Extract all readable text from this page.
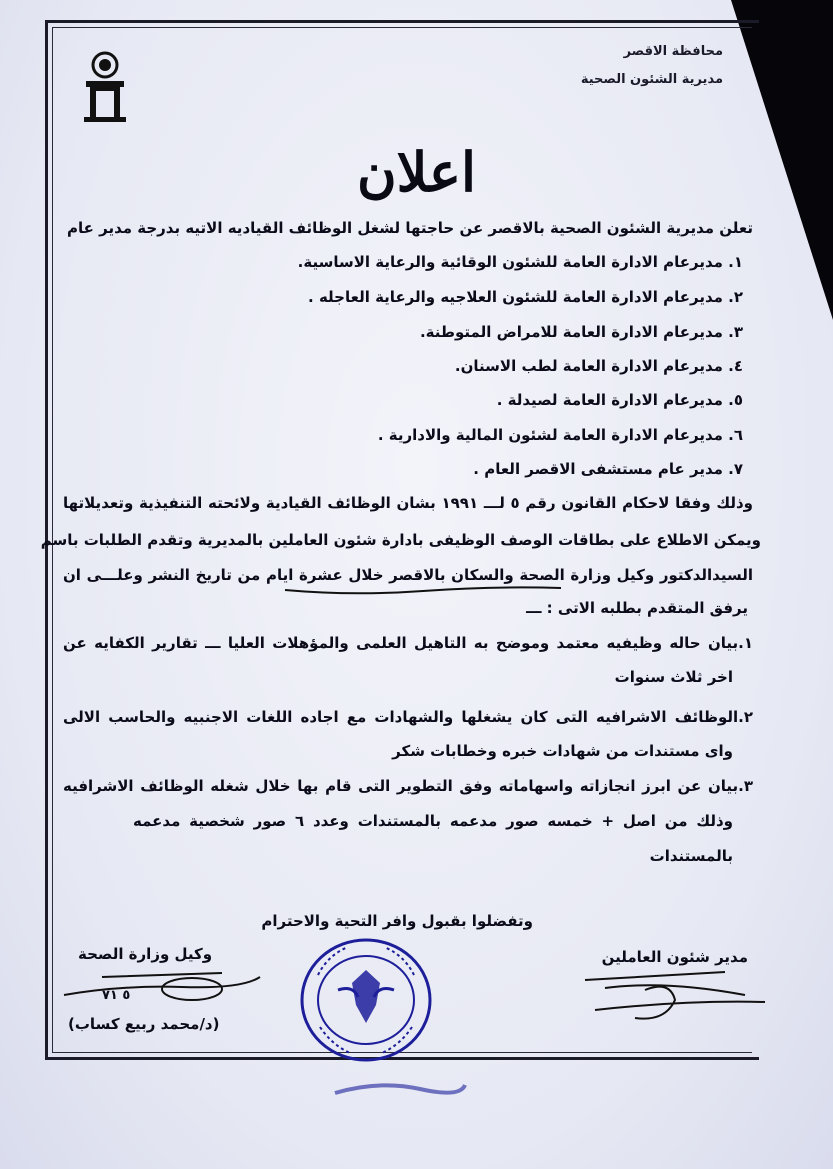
محافظة الاقصر
مديرية الشئون الصحية
اعلان
تعلن مديرية الشئون الصحية بالاقصر عن حاجتها لشغل الوظائف القياديه الاتيه بدرجة مدير عام
١. مديرعام الادارة العامة للشئون الوقائية والرعاية الاساسية.
٢. مديرعام الادارة العامة للشئون العلاجيه والرعاية العاجله .
٣. مديرعام الادارة العامة للامراض المتوطنة.
٤. مديرعام الادارة العامة لطب الاسنان.
٥. مديرعام الادارة العامة لصيدلة .
٦. مديرعام الادارة العامة لشئون المالية والادارية .
٧. مدير عام مستشفى الاقصر العام .
وذلك وفقا لاحكام القانون رقم ٥ لـــ ١٩٩١ بشان الوظائف القيادية ولائحته التنفيذية وتعديلاتها
ويمكن الاطلاع على بطاقات الوصف الوظيفى بادارة شئون العاملين بالمديرية وتقدم الطلبات باسم
السيدالدكتور وكيل وزارة الصحة والسكان بالاقصر خلال عشرة ايام من تاريخ النشر وعلـــى ان
يرفق المتقدم بطلبه الاتى : ـــ
١.بيان حاله وظيفيه معتمد وموضح به التاهيل العلمى والمؤهلات العليا ـــ تقارير الكفايه عن
اخر ثلاث سنوات
٢.الوظائف الاشرافيه التى كان يشغلها والشهادات مع اجاده اللغات الاجنبيه والحاسب الالى
واى مستندات من شهادات خبره وخطابات شكر
٣.بيان عن ابرز انجازاته واسهاماته وفق التطوير التى قام بها خلال شغله الوظائف الاشرافيه
وذلك من اصل + خمسه صور مدعمه بالمستندات وعدد ٦ صور شخصية مدعمه
بالمستندات
وتفضلوا بقبول وافر التحية والاحترام
مدير شئون العاملين
وكيل وزارة الصحة
٥ ٧١
(د/محمد ربيع كساب)
